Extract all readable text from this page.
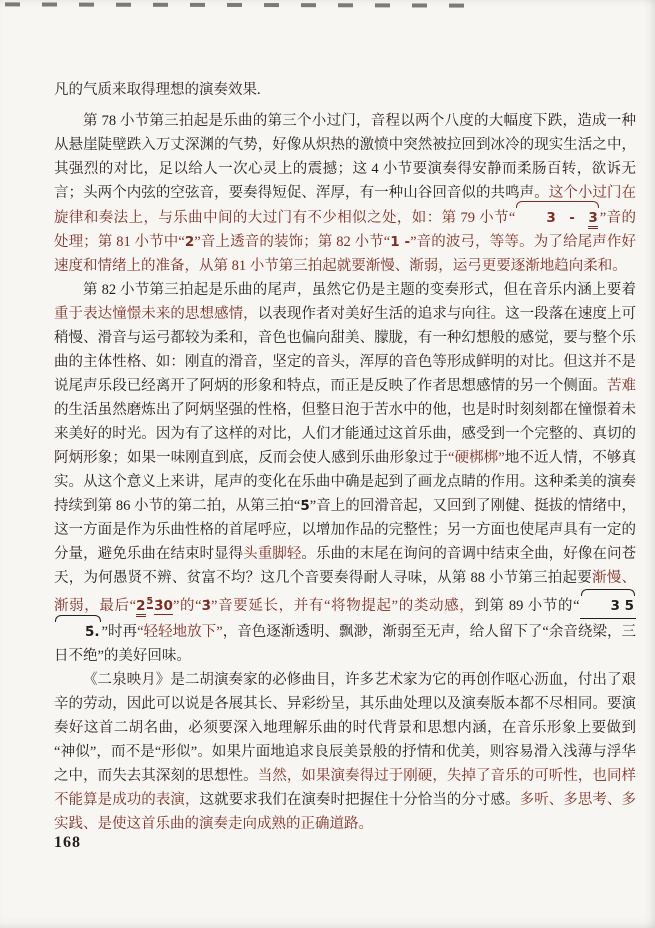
凡的气质来取得理想的演奏效果.

第 78 小节第三拍起是乐曲的第三个小过门，音程以两个八度的大幅度下跌，造成一种从悬崖陡壁跌入万丈深渊的气势，好像从炽热的激愤中突然被拉回到冰冷的现实生活之中，其强烈的对比，足以给人一次心灵上的震撼；这 4 小节要演奏得安静而柔肠百转，欲诉无言；头两个内弦的空弦音，要奏得短促、浑厚，有一种山谷回音似的共鸣声。这个小过门在旋律和奏法上，与乐曲中间的大过门有不少相似之处，如：第 79 小节“ 3　-　3 ”音的处理；第 81 小节中“2”音上透音的装饰；第 82 小节“1 -”音的波弓，等等。为了给尾声作好速度和情绪上的准备，从第 81 小节第三拍起就要渐慢、渐弱，运弓更要逐渐地趋向柔和。

第 82 小节第三拍起是乐曲的尾声，虽然它仍是主题的变奏形式，但在音乐内涵上要着重于表达憧憬未来的思想感情，以表现作者对美好生活的追求与向往。这一段落在速度上可稍慢、滑音与运弓都较为柔和，音色也偏向甜美、朦胧，有一种幻想般的感觉，要与整个乐曲的主体性格、如：刚直的滑音，坚定的音头，浑厚的音色等形成鲜明的对比。但这并不是说尾声乐段已经离开了阿炳的形象和特点，而正是反映了作者思想感情的另一个侧面。苦难的生活虽然磨炼出了阿炳坚强的性格，但整日泡于苦水中的他，也是时时刻刻都在憧憬着未来美好的时光。因为有了这样的对比，人们才能通过这首乐曲，感受到一个完整的、真切的阿炳形象；如果一味刚直到底，反而会使人感到乐曲形象过于“硬梆梆”地不近人情，不够真实。从这个意义上来讲，尾声的变化在乐曲中确是起到了画龙点睛的作用。这种柔美的演奏持续到第 86 小节的第二拍，从第三拍“5̇”音上的回滑音起，又回到了刚健、挺拔的情绪中，这一方面是作为乐曲性格的首尾呼应，以增加作品的完整性；另一方面也使尾声具有一定的分量，避免乐曲在结束时显得头重脚轻。乐曲的末尾在询问的音调中结束全曲，好像在问苍天，为何愚贤不辨、贫富不均？这几个音要奏得耐人寻味，从第 88 小节第三拍起要渐慢、渐弱，最后“$2^53̇0$”的“3̇”音要延长，并有“将物提起”的类动感，到第 89 小节的“ 3 5 5̇. ”时再“轻轻地放下”，音色逐渐透明、飘渺，渐弱至无声，给人留下了“余音绕梁，三日不绝”的美好回味。

《二泉映月》是二胡演奏家的必修曲目，许多艺术家为它的再创作呕心沥血，付出了艰辛的劳动，因此可以说是各展其长、异彩纷呈，其乐曲处理以及演奏版本都不尽相同。要演奏好这首二胡名曲，必须要深入地理解乐曲的时代背景和思想内涵，在音乐形象上要做到“神似”，而不是“形似”。如果片面地追求良辰美景般的抒情和优美，则容易滑入浅薄与浮华之中，而失去其深刻的思想性。当然，如果演奏得过于刚硬，失掉了音乐的可听性，也同样不能算是成功的表演，这就要求我们在演奏时把握住十分恰当的分寸感。多听、多思考、多实践、是使这首乐曲的演奏走向成熟的正确道路。

168
